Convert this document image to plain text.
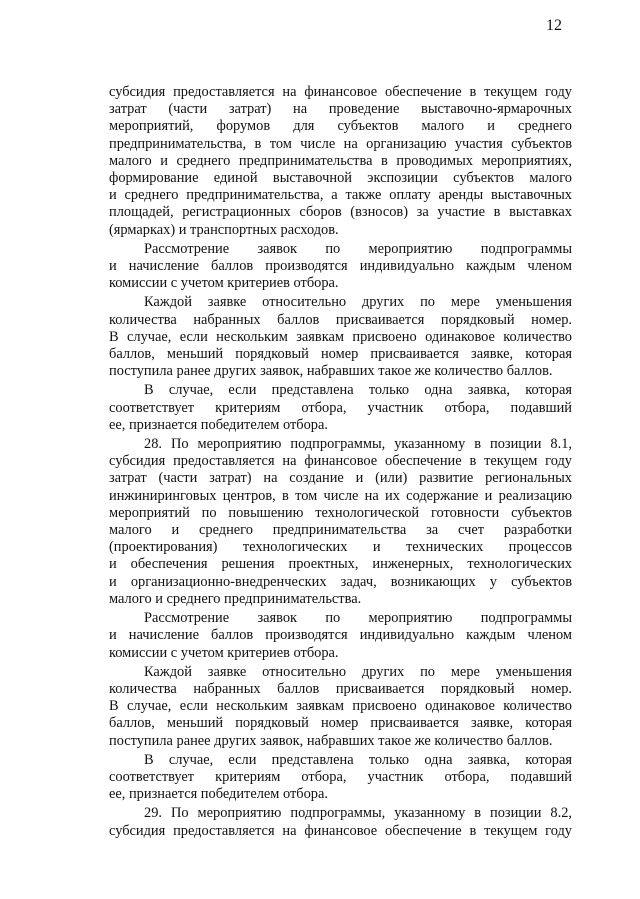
12
субсидия предоставляется на финансовое обеспечение в текущем году
затрат (части затрат) на проведение выставочно-ярмарочных
мероприятий, форумов для субъектов малого и среднего
предпринимательства, в том числе на организацию участия субъектов
малого и среднего предпринимательства в проводимых мероприятиях,
формирование единой выставочной экспозиции субъектов малого
и среднего предпринимательства, а также оплату аренды выставочных
площадей, регистрационных сборов (взносов) за участие в выставках
(ярмарках) и транспортных расходов.
Рассмотрение заявок по мероприятию подпрограммы
и начисление баллов производятся индивидуально каждым членом
комиссии с учетом критериев отбора.
Каждой заявке относительно других по мере уменьшения
количества набранных баллов присваивается порядковый номер.
В случае, если нескольким заявкам присвоено одинаковое количество
баллов, меньший порядковый номер присваивается заявке, которая
поступила ранее других заявок, набравших такое же количество баллов.
В случае, если представлена только одна заявка, которая
соответствует критериям отбора, участник отбора, подавший
ее, признается победителем отбора.
28. По мероприятию подпрограммы, указанному в позиции 8.1,
субсидия предоставляется на финансовое обеспечение в текущем году
затрат (части затрат) на создание и (или) развитие региональных
инжиниринговых центров, в том числе на их содержание и реализацию
мероприятий по повышению технологической готовности субъектов
малого и среднего предпринимательства за счет разработки
(проектирования) технологических и технических процессов
и обеспечения решения проектных, инженерных, технологических
и организационно-внедренческих задач, возникающих у субъектов
малого и среднего предпринимательства.
Рассмотрение заявок по мероприятию подпрограммы
и начисление баллов производятся индивидуально каждым членом
комиссии с учетом критериев отбора.
Каждой заявке относительно других по мере уменьшения
количества набранных баллов присваивается порядковый номер.
В случае, если нескольким заявкам присвоено одинаковое количество
баллов, меньший порядковый номер присваивается заявке, которая
поступила ранее других заявок, набравших такое же количество баллов.
В случае, если представлена только одна заявка, которая
соответствует критериям отбора, участник отбора, подавший
ее, признается победителем отбора.
29. По мероприятию подпрограммы, указанному в позиции 8.2,
субсидия предоставляется на финансовое обеспечение в текущем году
